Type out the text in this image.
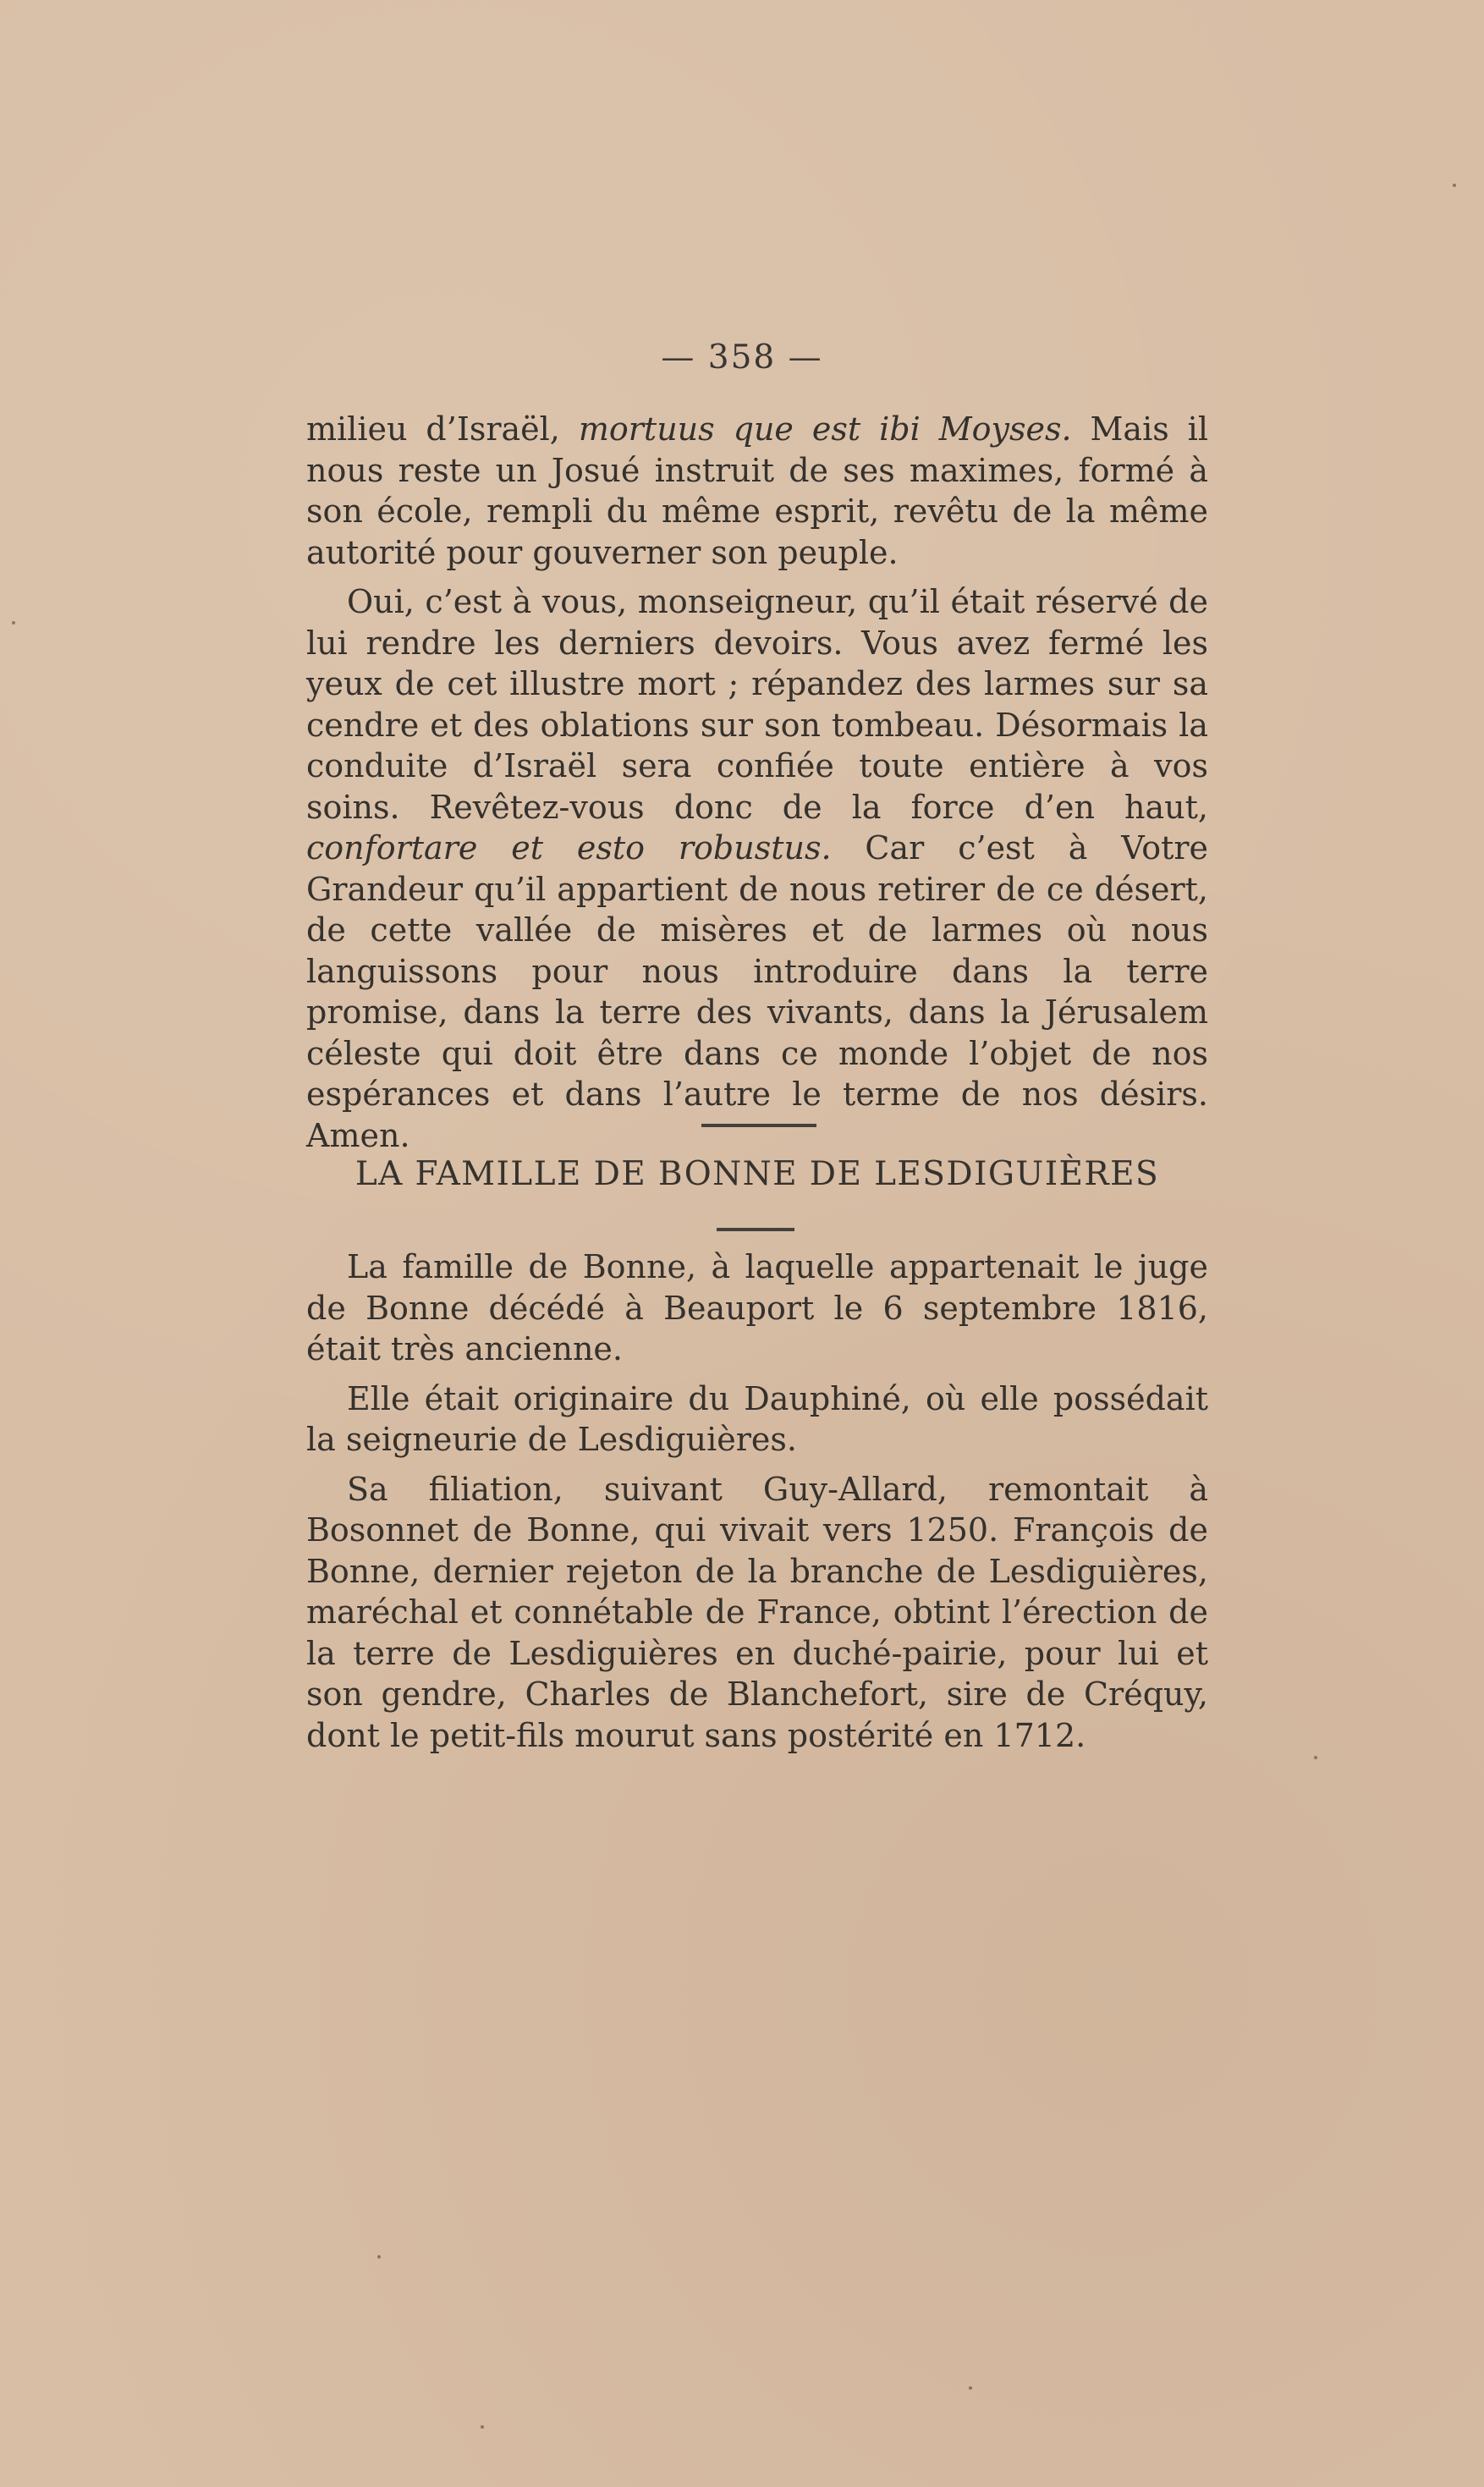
— 358 —

milieu d’Israël, mortuus que est ibi Moyses. Mais il nous reste un Josué instruit de ses maximes, formé à son école, rempli du même esprit, revêtu de la même autorité pour gouverner son peuple.

Oui, c’est à vous, monseigneur, qu’il était réservé de lui rendre les derniers devoirs. Vous avez fermé les yeux de cet illustre mort ; répandez des larmes sur sa cendre et des oblations sur son tombeau. Désormais la conduite d’Israël sera confiée toute entière à vos soins. Revêtez-vous donc de la force d’en haut, confortare et esto robustus. Car c’est à Votre Grandeur qu’il appartient de nous retirer de ce désert, de cette vallée de misères et de larmes où nous languissons pour nous introduire dans la terre promise, dans la terre des vivants, dans la Jérusalem céleste qui doit être dans ce monde l’objet de nos espérances et dans l’autre le terme de nos désirs. Amen.

LA FAMILLE DE BONNE DE LESDIGUIÈRES

La famille de Bonne, à laquelle appartenait le juge de Bonne décédé à Beauport le 6 septembre 1816, était très ancienne.

Elle était originaire du Dauphiné, où elle possédait la seigneurie de Lesdiguières.

Sa filiation, suivant Guy-Allard, remontait à Bosonnet de Bonne, qui vivait vers 1250. François de Bonne, dernier rejeton de la branche de Lesdiguières, maréchal et connétable de France, obtint l’érection de la terre de Lesdiguières en duché-pairie, pour lui et son gendre, Charles de Blanchefort, sire de Créquy, dont le petit-fils mourut sans postérité en 1712.
